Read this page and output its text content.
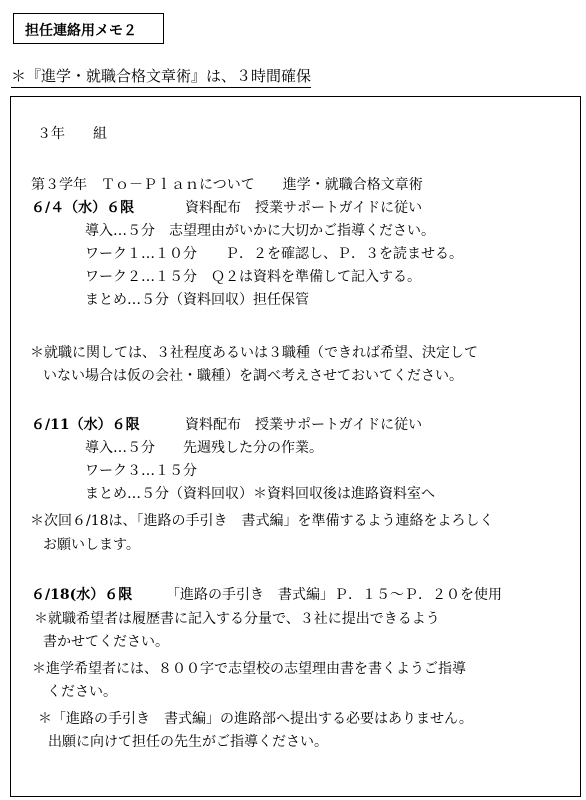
担任連絡用メモ２
＊『進学・就職合格文章術』は、３時間確保
３年　　組
第３学年　Ｔｏ－Ｐｌａｎについて　　進学・就職合格文章術
６/４（水）６限	資料配布　授業サポートガイドに従い
導入…５分　志望理由がいかに大切かご指導ください。
ワーク１…１０分　　Ｐ．２を確認し、Ｐ．３を読ませる。
ワーク２…１５分　Ｑ２は資料を準備して記入する。
まとめ…５分（資料回収）担任保管
＊就職に関しては、３社程度あるいは３職種（できれば希望、決定して
いない場合は仮の会社・職種）を調べ考えさせておいてください。
６/11（水）６限	資料配布　授業サポートガイドに従い
導入…５分　　先週残した分の作業。
ワーク３…１５分
まとめ…５分（資料回収）＊資料回収後は進路資料室へ
＊次回６/18は、「進路の手引き　書式編」を準備するよう連絡をよろしく
お願いします。
６/18(水）６限 「進路の手引き　書式編」Ｐ．１５～Ｐ．２０を使用
＊就職希望者は履歴書に記入する分量で、３社に提出できるよう
書かせてください。
＊進学希望者には、８００字で志望校の志望理由書を書くようご指導
ください。
＊「進路の手引き　書式編」の進路部へ提出する必要はありません。
出願に向けて担任の先生がご指導ください。
